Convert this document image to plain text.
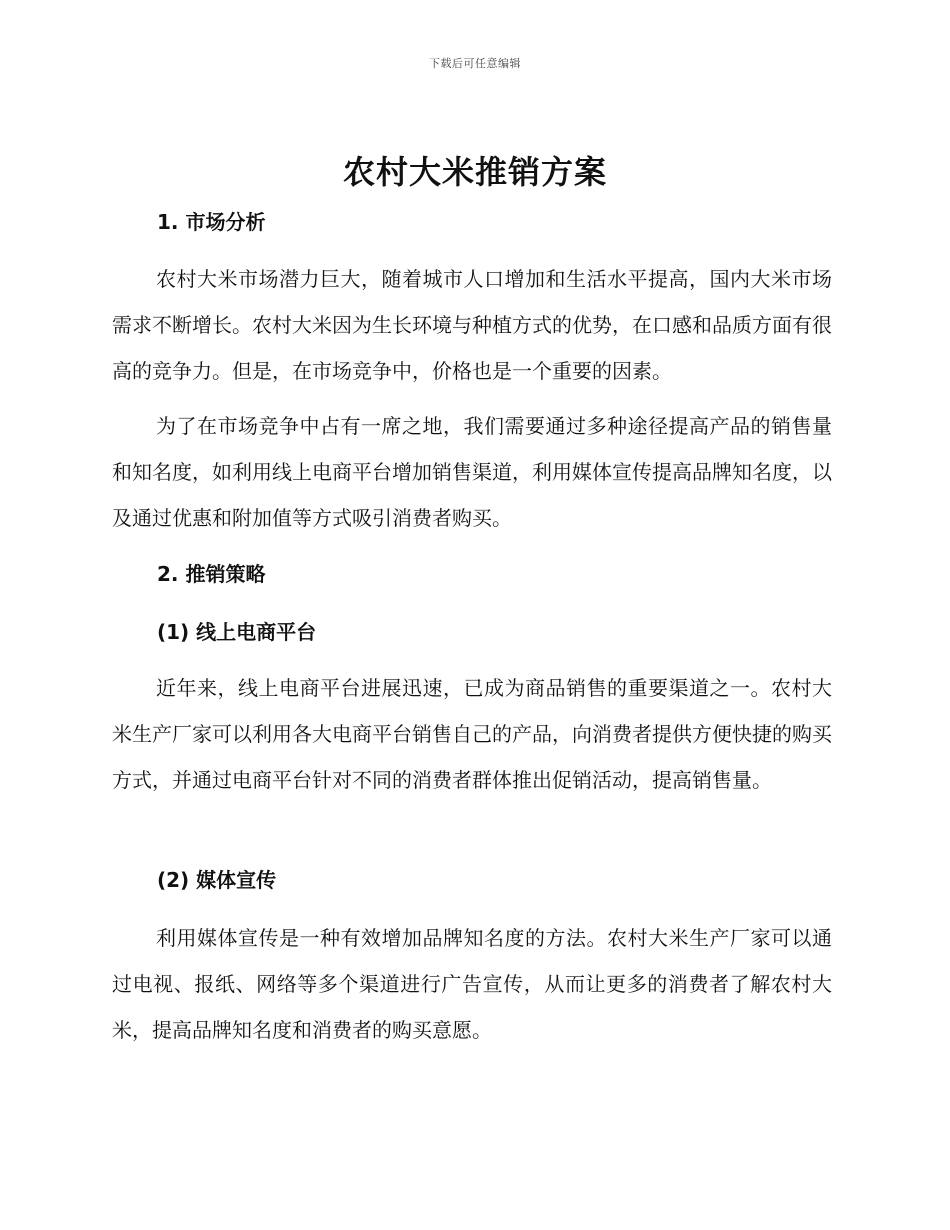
下载后可任意编辑
农村大米推销方案
1. 市场分析

农村大米市场潜力巨大，随着城市人口增加和生活水平提高，国内大米市场需求不断增长。农村大米因为生长环境与种植方式的优势，在口感和品质方面有很高的竞争力。但是，在市场竞争中，价格也是一个重要的因素。

为了在市场竞争中占有一席之地，我们需要通过多种途径提高产品的销售量和知名度，如利用线上电商平台增加销售渠道，利用媒体宣传提高品牌知名度，以及通过优惠和附加值等方式吸引消费者购买。

2. 推销策略
(1) 线上电商平台

近年来，线上电商平台进展迅速，已成为商品销售的重要渠道之一。农村大米生产厂家可以利用各大电商平台销售自己的产品，向消费者提供方便快捷的购买方式，并通过电商平台针对不同的消费者群体推出促销活动，提高销售量。

(2) 媒体宣传

利用媒体宣传是一种有效增加品牌知名度的方法。农村大米生产厂家可以通过电视、报纸、网络等多个渠道进行广告宣传，从而让更多的消费者了解农村大米，提高品牌知名度和消费者的购买意愿。
